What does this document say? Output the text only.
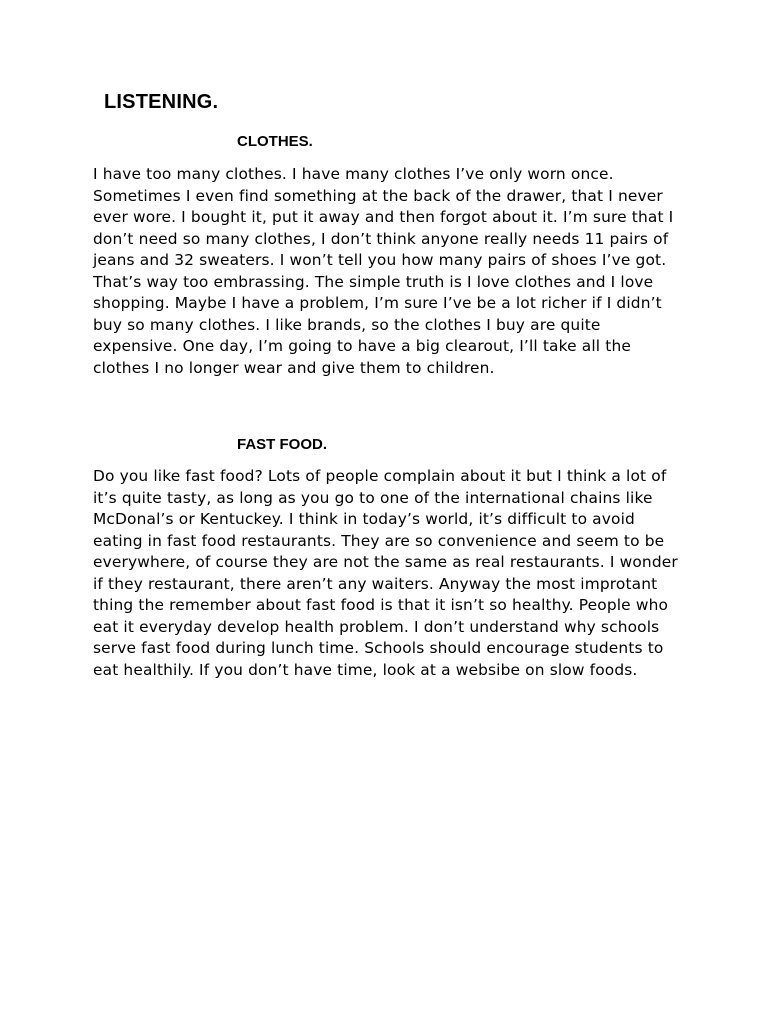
LISTENING.
CLOTHES.

I have too many clothes. I have many clothes I’ve only worn once. Sometimes I even find something at the back of the drawer, that I never ever wore. I bought it, put it away and then forgot about it. I’m sure that I don’t need so many clothes, I don’t think anyone really needs 11 pairs of jeans and 32 sweaters. I won’t tell you how many pairs of shoes I’ve got. That’s way too embrassing. The simple truth is I love clothes and I love shopping. Maybe I have a problem, I’m sure I’ve be a lot richer if I didn’t buy so many clothes. I like brands, so the clothes I buy are quite expensive. One day, I’m going to have a big clearout, I’ll take all the clothes I no longer wear and give them to children.

FAST FOOD.

Do you like fast food? Lots of people complain about it but I think a lot of it’s quite tasty, as long as you go to one of the international chains like McDonal’s or Kentuckey. I think in today’s world, it’s difficult to avoid eating in fast food restaurants. They are so convenience and seem to be everywhere, of course they are not the same as real restaurants. I wonder if they restaurant, there aren’t any waiters. Anyway the most improtant thing the remember about fast food is that it isn’t so healthy. People who eat it everyday develop health problem. I don’t understand why schools serve fast food during lunch time. Schools should encourage students to eat healthily. If you don’t have time, look at a websibe on slow foods.
